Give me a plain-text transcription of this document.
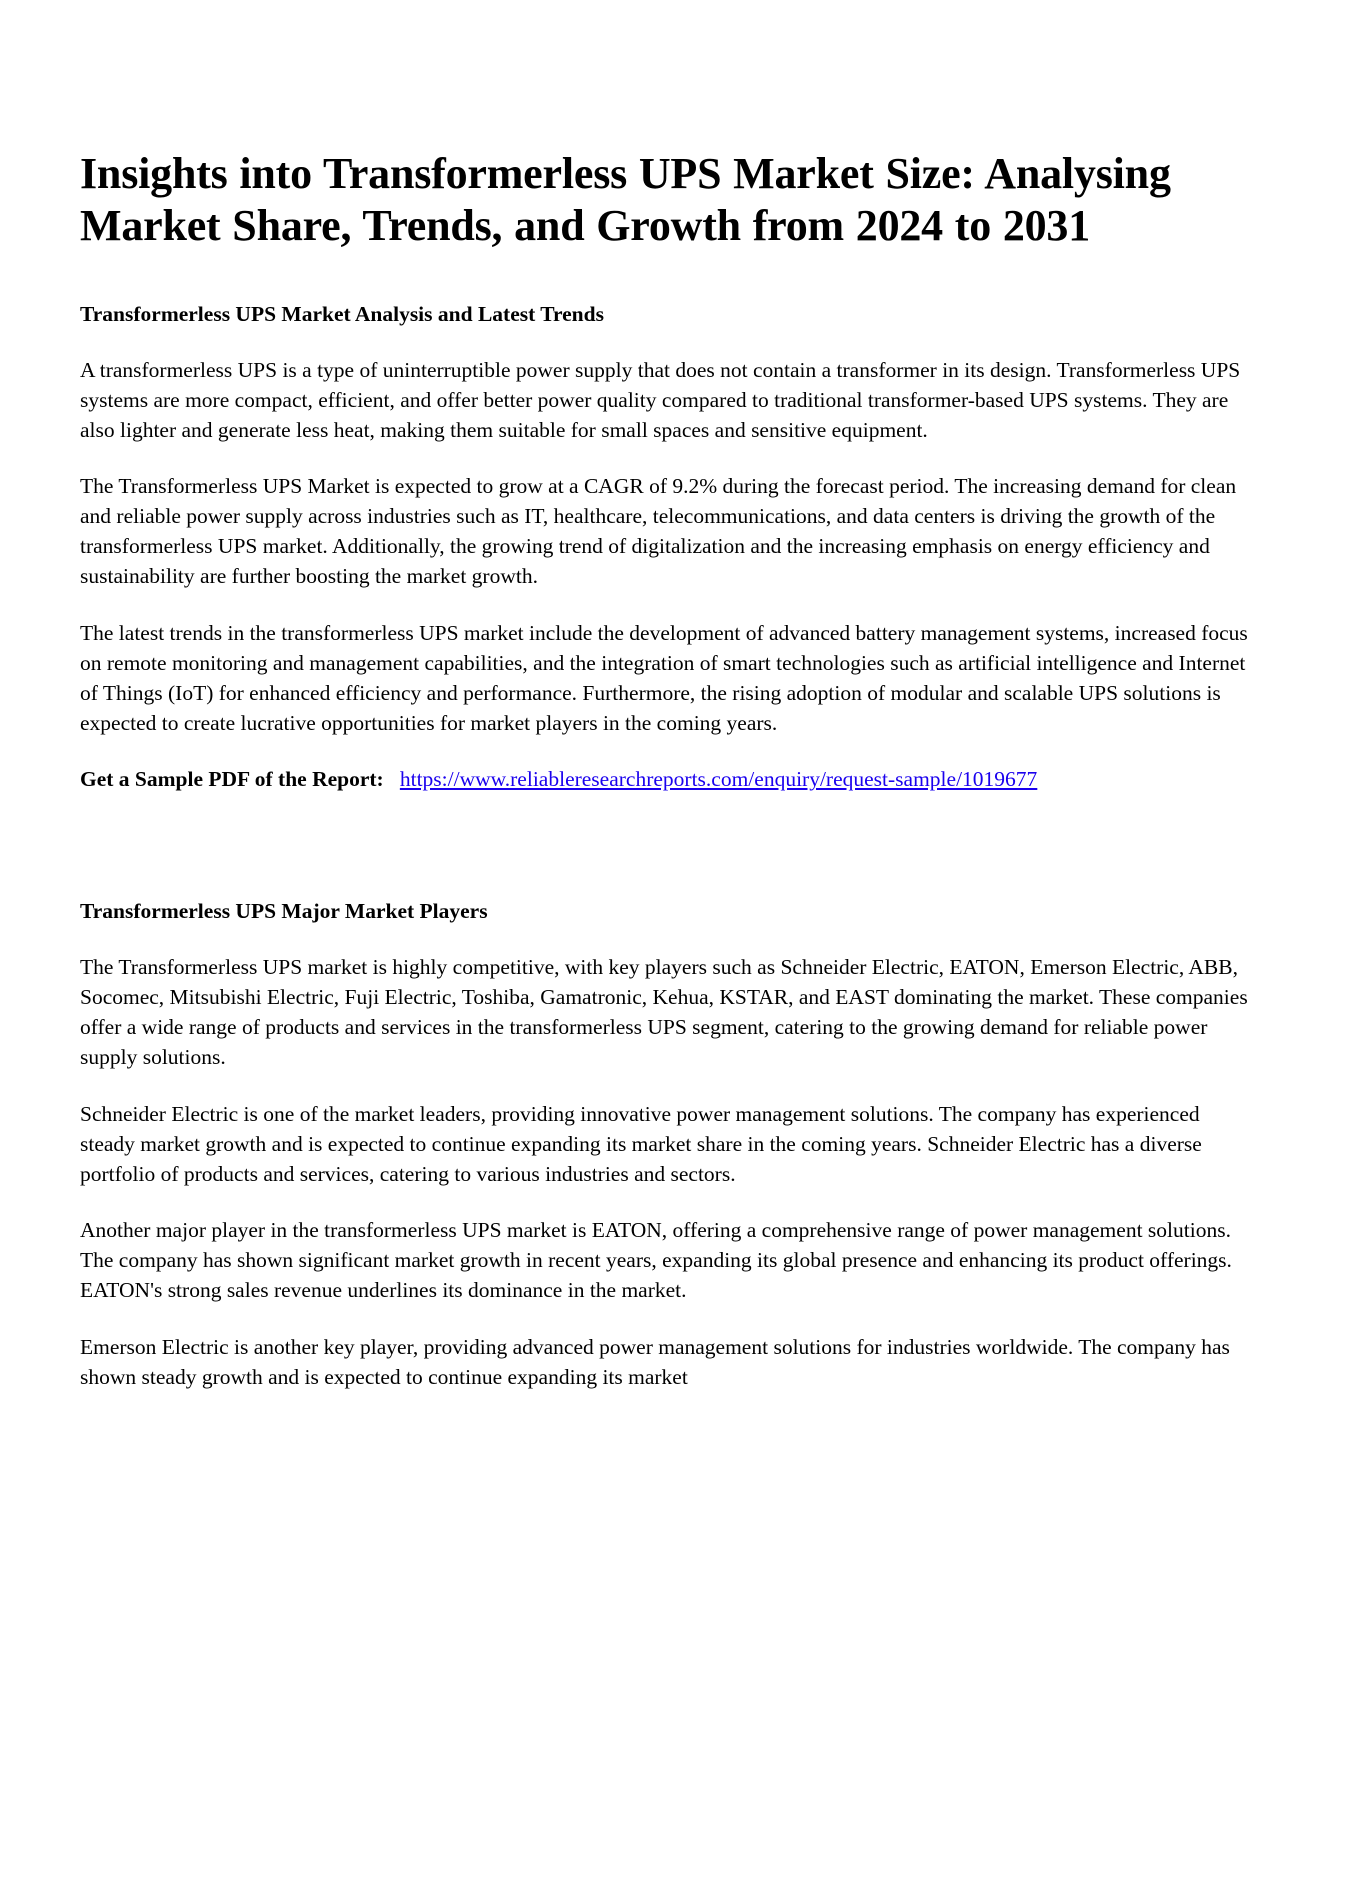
Insights into Transformerless UPS Market Size: Analysing Market Share, Trends, and Growth from 2024 to 2031
Transformerless UPS Market Analysis and Latest Trends

A transformerless UPS is a type of uninterruptible power supply that does not contain a transformer in its design. Transformerless UPS systems are more compact, efficient, and offer better power quality compared to traditional transformer-based UPS systems. They are also lighter and generate less heat, making them suitable for small spaces and sensitive equipment.

The Transformerless UPS Market is expected to grow at a CAGR of 9.2% during the forecast period. The increasing demand for clean and reliable power supply across industries such as IT, healthcare, telecommunications, and data centers is driving the growth of the transformerless UPS market. Additionally, the growing trend of digitalization and the increasing emphasis on energy efficiency and sustainability are further boosting the market growth.

The latest trends in the transformerless UPS market include the development of advanced battery management systems, increased focus on remote monitoring and management capabilities, and the integration of smart technologies such as artificial intelligence and Internet of Things (IoT) for enhanced efficiency and performance. Furthermore, the rising adoption of modular and scalable UPS solutions is expected to create lucrative opportunities for market players in the coming years.

Get a Sample PDF of the Report: https://www.reliableresearchreports.com/enquiry/request-sample/1019677

Transformerless UPS Major Market Players

The Transformerless UPS market is highly competitive, with key players such as Schneider Electric, EATON, Emerson Electric, ABB, Socomec, Mitsubishi Electric, Fuji Electric, Toshiba, Gamatronic, Kehua, KSTAR, and EAST dominating the market. These companies offer a wide range of products and services in the transformerless UPS segment, catering to the growing demand for reliable power supply solutions.

Schneider Electric is one of the market leaders, providing innovative power management solutions. The company has experienced steady market growth and is expected to continue expanding its market share in the coming years. Schneider Electric has a diverse portfolio of products and services, catering to various industries and sectors.

Another major player in the transformerless UPS market is EATON, offering a comprehensive range of power management solutions. The company has shown significant market growth in recent years, expanding its global presence and enhancing its product offerings. EATON's strong sales revenue underlines its dominance in the market.

Emerson Electric is another key player, providing advanced power management solutions for industries worldwide. The company has shown steady growth and is expected to continue expanding its market
